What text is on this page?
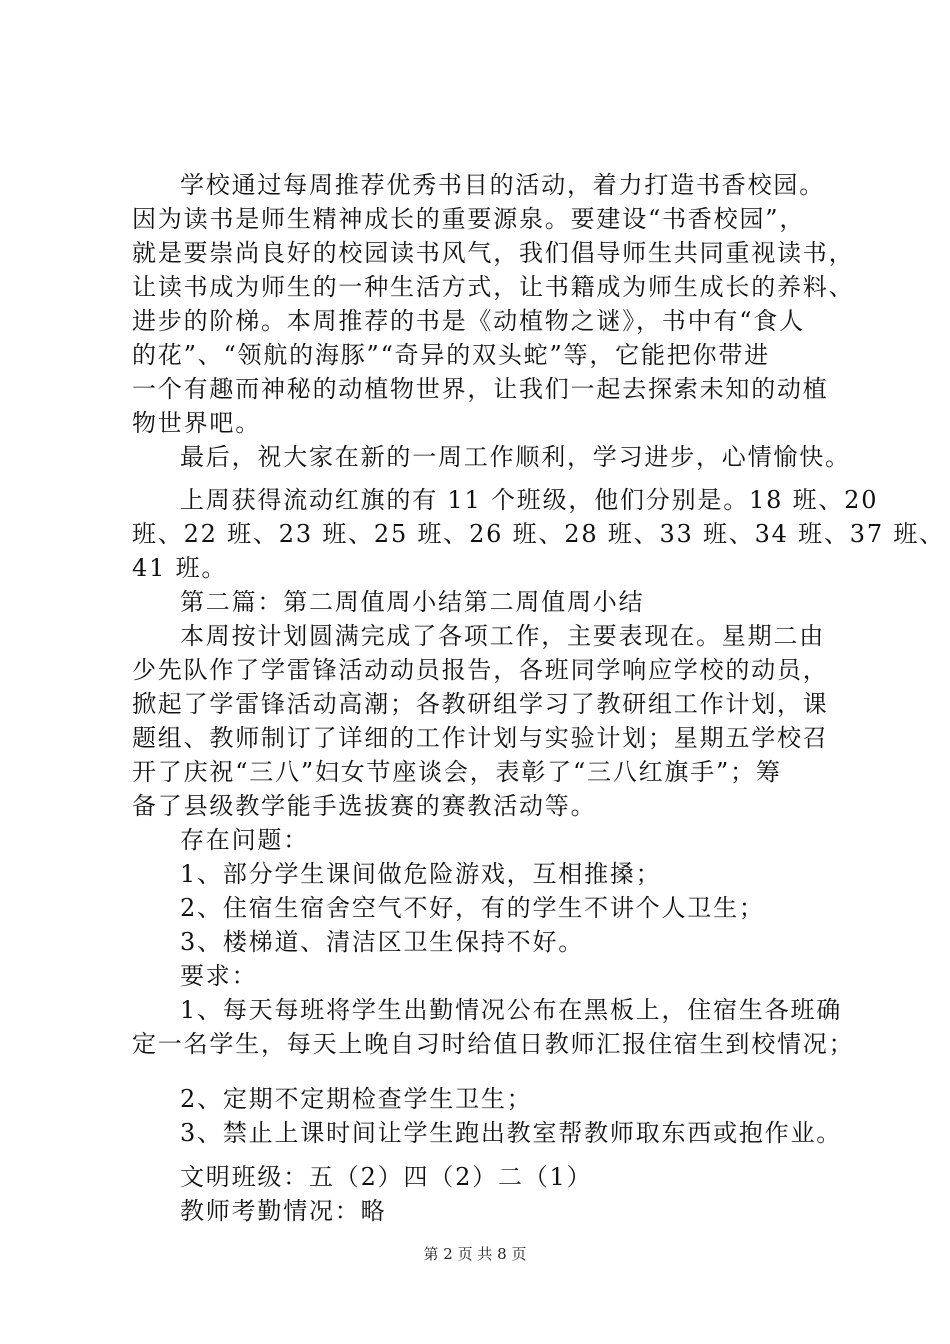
学校通过每周推荐优秀书目的活动，着力打造书香校园。

因为读书是师生精神成长的重要源泉。要建设“书香校园”，

就是要崇尚良好的校园读书风气，我们倡导师生共同重视读书，

让读书成为师生的一种生活方式，让书籍成为师生成长的养料、

进步的阶梯。本周推荐的书是《动植物之谜》，书中有“食人

的花”、“领航的海豚”“奇异的双头蛇”等，它能把你带进

一个有趣而神秘的动植物世界，让我们一起去探索未知的动植

物世界吧。

最后，祝大家在新的一周工作顺利，学习进步，心情愉快。

上周获得流动红旗的有 11 个班级，他们分别是。18 班、20

班、22 班、23 班、25 班、26 班、28 班、33 班、34 班、37 班、

41 班。

第二篇：第二周值周小结第二周值周小结

本周按计划圆满完成了各项工作，主要表现在。星期二由

少先队作了学雷锋活动动员报告，各班同学响应学校的动员，

掀起了学雷锋活动高潮；各教研组学习了教研组工作计划，课

题组、教师制订了详细的工作计划与实验计划；星期五学校召

开了庆祝“三八”妇女节座谈会，表彰了“三八红旗手”；筹

备了县级教学能手选拔赛的赛教活动等。

存在问题：

1、部分学生课间做危险游戏，互相推搡；

2、住宿生宿舍空气不好，有的学生不讲个人卫生；

3、楼梯道、清洁区卫生保持不好。

要求：

1、每天每班将学生出勤情况公布在黑板上，住宿生各班确

定一名学生，每天上晚自习时给值日教师汇报住宿生到校情况；

2、定期不定期检查学生卫生；

3、禁止上课时间让学生跑出教室帮教师取东西或抱作业。

文明班级：五（2）四（2）二（1）

教师考勤情况：略

第 2 页 共 8 页
